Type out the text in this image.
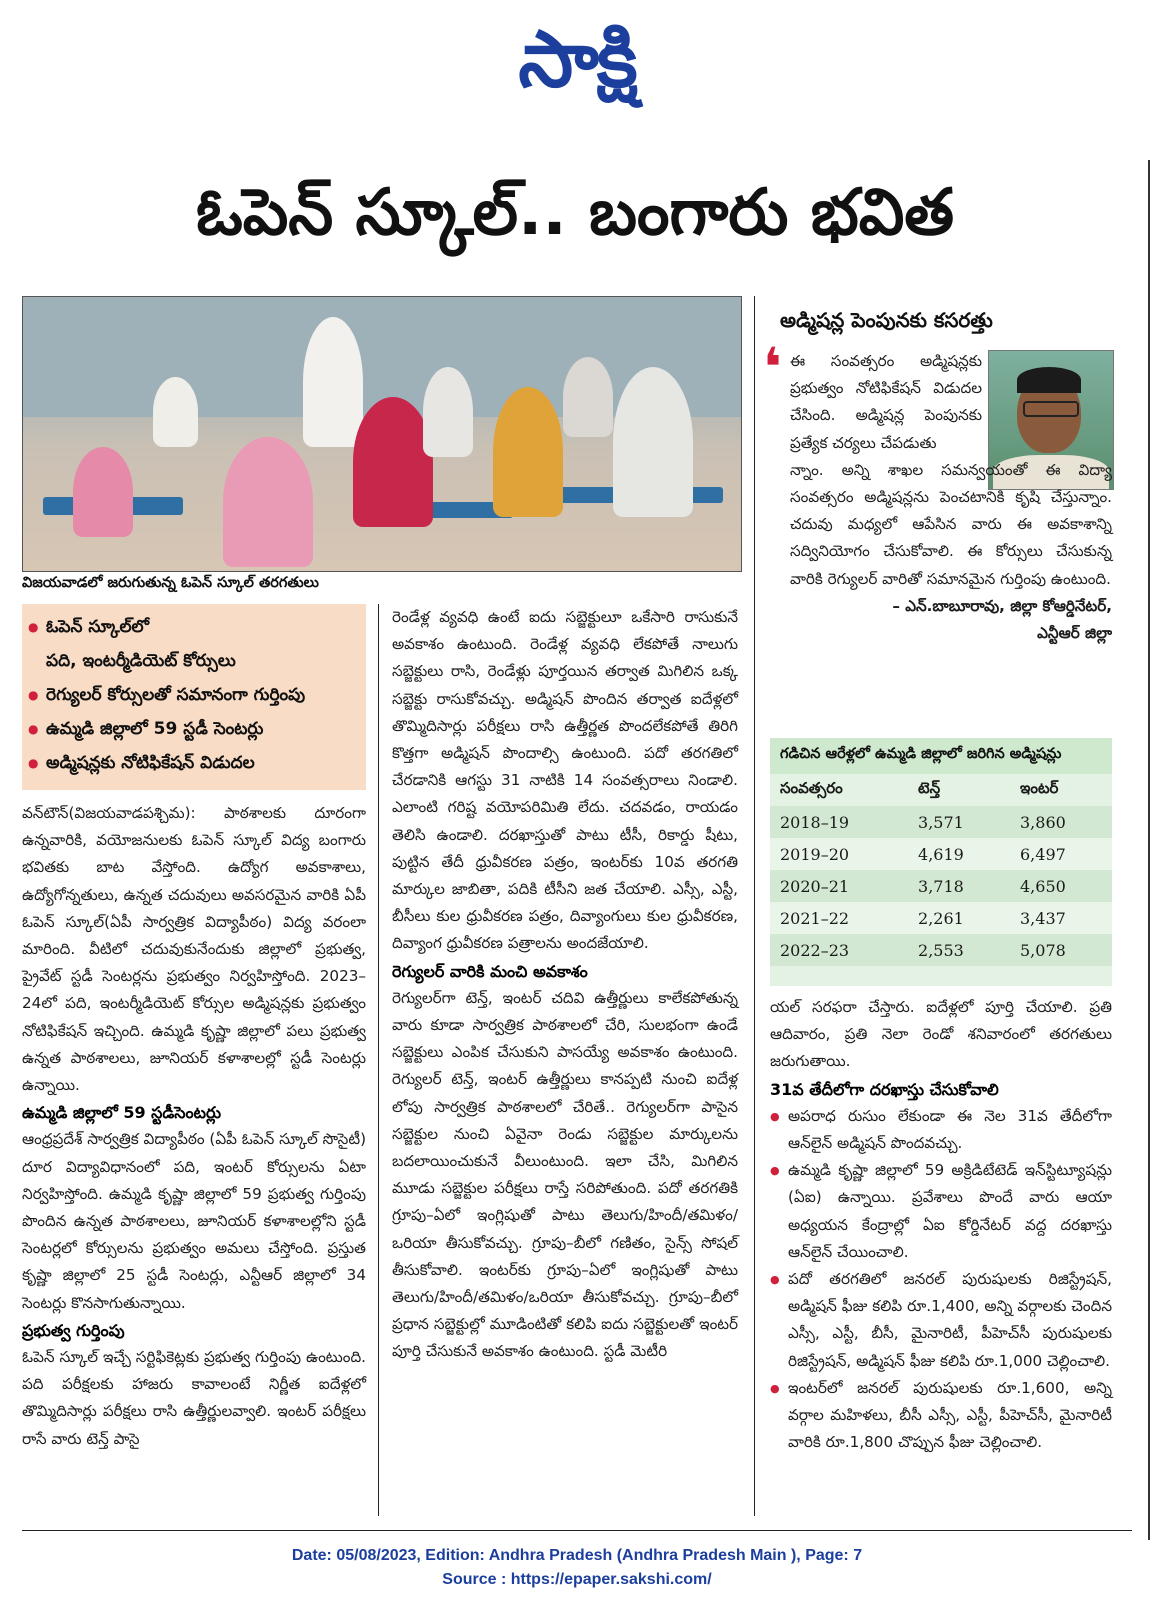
సాక్షి
ఓపెన్ స్కూల్.. బంగారు భవిత
విజయవాడలో జరుగుతున్న ఓపెన్ స్కూల్ తరగతులు
● ఓపెన్ స్కూల్‌లో
పది, ఇంటర్మీడియెట్ కోర్సులు
● రెగ్యులర్ కోర్సులతో సమానంగా గుర్తింపు
● ఉమ్మడి జిల్లాలో 59 స్టడీ సెంటర్లు
● అడ్మిషన్లకు నోటిఫికేషన్ విడుదల

వన్‌టౌన్(విజయవాడపశ్చిమ): పాఠశాలకు దూరంగా ఉన్నవారికి, వయోజనులకు ఓపెన్ స్కూల్ విద్య బంగారు భవితకు బాట వేస్తోంది. ఉద్యోగ అవకాశాలు, ఉద్యోగోన్నతులు, ఉన్నత చదువులు అవసరమైన వారికి ఏపీ ఓపెన్ స్కూల్(ఏపీ సార్వత్రిక విద్యాపీఠం) విద్య వరంలా మారింది. వీటిలో చదువుకునేందుకు జిల్లాలో ప్రభుత్వ, ప్రైవేట్ స్టడీ సెంటర్లను ప్రభుత్వం నిర్వహిస్తోంది. 2023–24లో పది, ఇంటర్మీడియెట్ కోర్సుల అడ్మిషన్లకు ప్రభుత్వం నోటిఫికేషన్ ఇచ్చింది. ఉమ్మడి కృష్ణా జిల్లాలో పలు ప్రభుత్వ ఉన్నత పాఠశాలలు, జూనియర్ కళాశాలల్లో స్టడీ సెంటర్లు ఉన్నాయి.

ఉమ్మడి జిల్లాలో 59 స్టడీసెంటర్లు

ఆంధ్రప్రదేశ్ సార్వత్రిక విద్యాపీఠం (ఏపీ ఓపెన్ స్కూల్ సొసైటీ) దూర విద్యావిధానంలో పది, ఇంటర్ కోర్సులను ఏటా నిర్వహిస్తోంది. ఉమ్మడి కృష్ణా జిల్లాలో 59 ప్రభుత్వ గుర్తింపు పొందిన ఉన్నత పాఠశాలలు, జూనియర్ కళాశాలల్లోని స్టడీ సెంటర్లలో కోర్సులను ప్రభుత్వం అమలు చేస్తోంది. ప్రస్తుత కృష్ణా జిల్లాలో 25 స్టడీ సెంటర్లు, ఎన్టీఆర్ జిల్లాలో 34 సెంటర్లు కొనసాగుతున్నాయి.

ప్రభుత్వ గుర్తింపు

ఓపెన్ స్కూల్ ఇచ్చే సర్టిఫికెట్లకు ప్రభుత్వ గుర్తింపు ఉంటుంది. పది పరీక్షలకు హాజరు కావాలంటే నిర్ణీత ఐదేళ్లలో తొమ్మిదిసార్లు పరీక్షలు రాసి ఉత్తీర్ణులవ్వాలి. ఇంటర్ పరీక్షలు రాసే వారు టెన్త్ పాసై

రెండేళ్ల వ్యవధి ఉంటే ఐదు సబ్జెక్టులూ ఒకేసారి రాసుకునే అవకాశం ఉంటుంది. రెండేళ్ల వ్యవధి లేకపోతే నాలుగు సబ్జెక్టులు రాసి, రెండేళ్లు పూర్తయిన తర్వాత మిగిలిన ఒక్క సబ్జెక్టు రాసుకోవచ్చు. అడ్మిషన్ పొందిన తర్వాత ఐదేళ్లలో తొమ్మిదిసార్లు పరీక్షలు రాసి ఉత్తీర్ణత పొందలేకపోతే తిరిగి కొత్తగా అడ్మిషన్ పొందాల్సి ఉంటుంది. పదో తరగతిలో చేరడానికి ఆగస్టు 31 నాటికి 14 సంవత్సరాలు నిండాలి. ఎలాంటి గరిష్ట వయోపరిమితి లేదు. చదవడం, రాయడం తెలిసి ఉండాలి. దరఖాస్తుతో పాటు టీసీ, రికార్డు షీటు, పుట్టిన తేదీ ధ్రువీకరణ పత్రం, ఇంటర్‌కు 10వ తరగతి మార్కుల జాబితా, పదికి టీసీని జత చేయాలి. ఎస్సీ, ఎస్టీ, బీసీలు కుల ధ్రువీకరణ పత్రం, దివ్యాంగులు కుల ధ్రువీకరణ, దివ్యాంగ ధ్రువీకరణ పత్రాలను అందజేయాలి.

రెగ్యులర్ వారికి మంచి అవకాశం

రెగ్యులర్‌గా టెన్త్, ఇంటర్ చదివి ఉత్తీర్ణులు కాలేకపోతున్న వారు కూడా సార్వత్రిక పాఠశాలలో చేరి, సులభంగా ఉండే సబ్జెక్టులు ఎంపిక చేసుకుని పాసయ్యే అవకాశం ఉంటుంది. రెగ్యులర్ టెన్త్, ఇంటర్ ఉత్తీర్ణులు కానప్పటి నుంచి ఐదేళ్ల లోపు సార్వత్రిక పాఠశాలలో చేరితే.. రెగ్యులర్‌గా పాసైన సబ్జెక్టుల నుంచి ఏవైనా రెండు సబ్జెక్టుల మార్కులను బదలాయించుకునే వీలుంటుంది. ఇలా చేసి, మిగిలిన మూడు సబ్జెక్టుల పరీక్షలు రాస్తే సరిపోతుంది. పదో తరగతికి గ్రూపు–ఏలో ఇంగ్లిషుతో పాటు తెలుగు/హిందీ/తమిళం/ఒరియా తీసుకోవచ్చు. గ్రూపు–బీలో గణితం, సైన్స్ సోషల్ తీసుకోవాలి. ఇంటర్‌కు గ్రూపు–ఏలో ఇంగ్లిషుతో పాటు తెలుగు/హిందీ/తమిళం/ఒరియా తీసుకోవచ్చు. గ్రూపు–బీలో ప్రధాన సబ్జెక్టుల్లో మూడింటితో కలిపి ఐదు సబ్జెక్టులతో ఇంటర్ పూర్తి చేసుకునే అవకాశం ఉంటుంది. స్టడీ మెటీరి

అడ్మిషన్ల పెంపునకు కసరత్తు
❛ ఈ సంవత్సరం అడ్మిషన్లకు ప్రభుత్వం నోటిఫికేషన్ విడుదల చేసింది. అడ్మిషన్ల పెంపునకు ప్రత్యేక చర్యలు చేపడుతు

న్నాం. అన్ని శాఖల సమన్వయంతో ఈ విద్యా సంవత్సరం అడ్మిషన్లను పెంచటానికి కృషి చేస్తున్నాం. చదువు మధ్యలో ఆపేసిన వారు ఈ అవకాశాన్ని సద్వినియోగం చేసుకోవాలి. ఈ కోర్సులు చేసుకున్న వారికి రెగ్యులర్ వారితో సమానమైన గుర్తింపు ఉంటుంది.

– ఎన్.బాబూరావు, జిల్లా కోఆర్డినేటర్,

ఎన్టీఆర్ జిల్లా

గడిచిన ఆరేళ్లలో ఉమ్మడి జిల్లాలో జరిగిన అడ్మిషన్లు
సంవత్సరం	టెన్త్	ఇంటర్
2018–19	3,571	3,860
2019–20	4,619	6,497
2020–21	3,718	4,650
2021–22	2,261	3,437
2022–23	2,553	5,078

యల్ సరఫరా చేస్తారు. ఐదేళ్లలో పూర్తి చేయాలి. ప్రతి ఆదివారం, ప్రతి నెలా రెండో శనివారంలో తరగతులు జరుగుతాయి.

31వ తేదీలోగా దరఖాస్తు చేసుకోవాలి

● అపరాధ రుసుం లేకుండా ఈ నెల 31వ తేదీలోగా ఆన్‌లైన్ అడ్మిషన్ పొందవచ్చు.

● ఉమ్మడి కృష్ణా జిల్లాలో 59 అక్రిడిటేటెడ్ ఇన్‌స్టిట్యూషన్లు (ఏఐ) ఉన్నాయి. ప్రవేశాలు పొందే వారు ఆయా అధ్యయన కేంద్రాల్లో ఏఐ కోర్డినేటర్ వద్ద దరఖాస్తు ఆన్‌లైన్ చేయించాలి.

● పదో తరగతిలో జనరల్ పురుషులకు రిజిస్ట్రేషన్, అడ్మిషన్ ఫీజు కలిపి రూ.1,400, అన్ని వర్గాలకు చెందిన ఎస్సీ, ఎస్టీ, బీసీ, మైనారిటీ, పీహెచ్‌సీ పురుషులకు రిజిస్ట్రేషన్, అడ్మిషన్ ఫీజు కలిపి రూ.1,000 చెల్లించాలి.

● ఇంటర్‌లో జనరల్ పురుషులకు రూ.1,600, అన్ని వర్గాల మహిళలు, బీసీ ఎస్సీ, ఎస్టీ, పీహెచ్‌సీ, మైనారిటీ వారికి రూ.1,800 చొప్పున ఫీజు చెల్లించాలి.

Date: 05/08/2023, Edition: Andhra Pradesh (Andhra Pradesh Main ), Page: 7
Source : https://epaper.sakshi.com/
